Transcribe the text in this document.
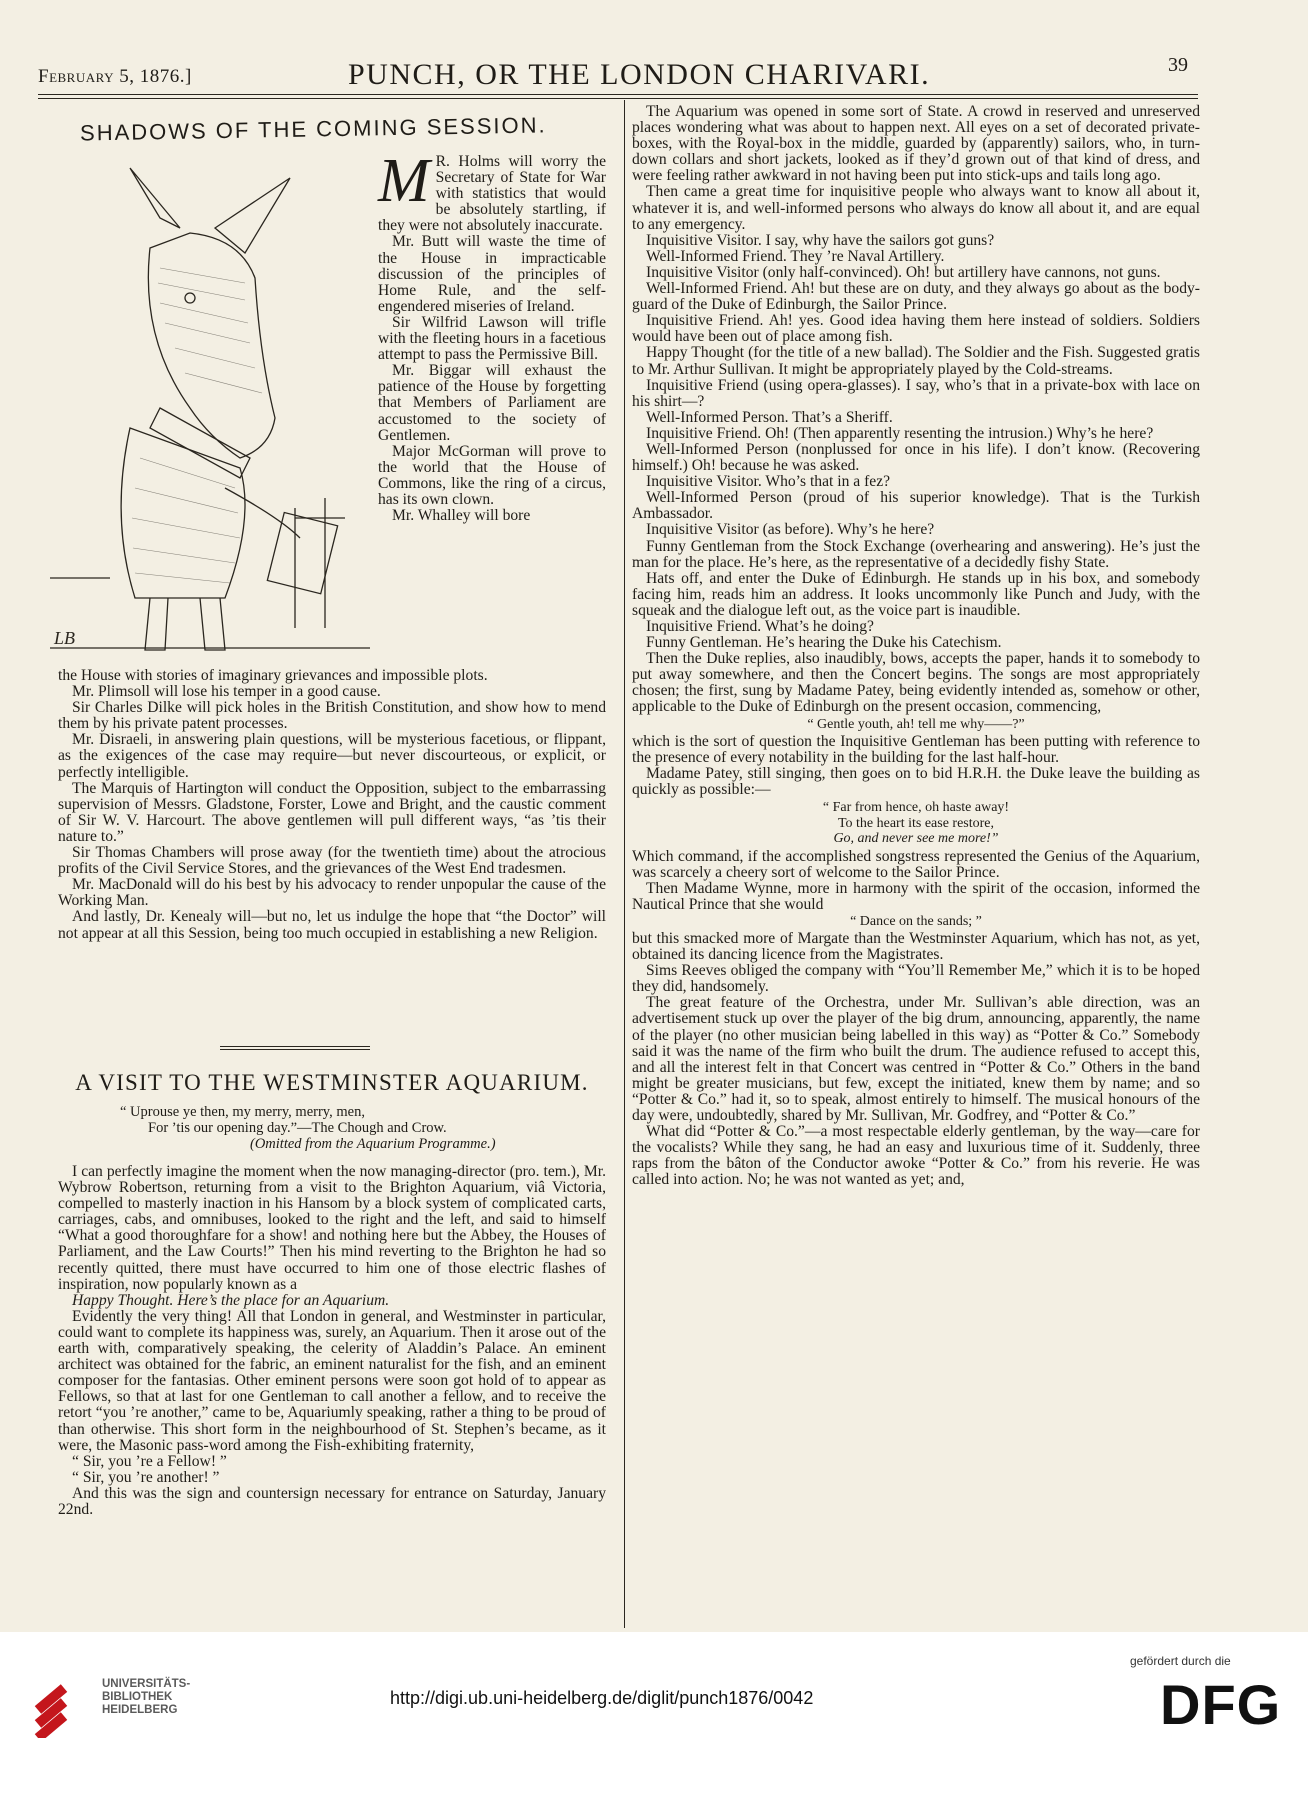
February 5, 1876.]	PUNCH, OR THE LONDON CHARIVARI.	39
SHADOWS OF THE COMING SESSION.
LB

M R. Holms will worry the Secretary of State for War with statistics that would be absolutely startling, if they were not absolutely inaccurate.

Mr. Butt will waste the time of the House in impracticable discussion of the principles of Home Rule, and the self-engendered miseries of Ireland.

Sir Wilfrid Lawson will trifle with the fleeting hours in a facetious attempt to pass the Permissive Bill.

Mr. Biggar will exhaust the patience of the House by forgetting that Members of Parliament are accustomed to the society of Gentlemen.

Major McGorman will prove to the world that the House of Commons, like the ring of a circus, has its own clown.

Mr. Whalley will bore

the House with stories of imaginary grievances and impossible plots.

Mr. Plimsoll will lose his temper in a good cause.

Sir Charles Dilke will pick holes in the British Constitution, and show how to mend them by his private patent processes.

Mr. Disraeli, in answering plain questions, will be mysterious facetious, or flippant, as the exigences of the case may require—but never discourteous, or explicit, or perfectly intelligible.

The Marquis of Hartington will conduct the Opposition, subject to the embarrassing supervision of Messrs. Gladstone, Forster, Lowe and Bright, and the caustic comment of Sir W. V. Harcourt. The above gentlemen will pull different ways, “as ’tis their nature to.”

Sir Thomas Chambers will prose away (for the twentieth time) about the atrocious profits of the Civil Service Stores, and the grievances of the West End tradesmen.

Mr. MacDonald will do his best by his advocacy to render unpopular the cause of the Working Man.

And lastly, Dr. Kenealy will—but no, let us indulge the hope that “the Doctor” will not appear at all this Session, being too much occupied in establishing a new Religion.

A VISIT TO THE WESTMINSTER AQUARIUM.
“ Uprouse ye then, my merry, merry, men,
For ’tis our opening day.”—The Chough and Crow.
(Omitted from the Aquarium Programme.)

I can perfectly imagine the moment when the now managing-director (pro. tem.), Mr. Wybrow Robertson, returning from a visit to the Brighton Aquarium, viâ Victoria, compelled to masterly inaction in his Hansom by a block system of complicated carts, carriages, cabs, and omnibuses, looked to the right and the left, and said to himself “What a good thoroughfare for a show! and nothing here but the Abbey, the Houses of Parliament, and the Law Courts!” Then his mind reverting to the Brighton he had so recently quitted, there must have occurred to him one of those electric flashes of inspiration, now popularly known as a

Happy Thought. Here’s the place for an Aquarium.

Evidently the very thing! All that London in general, and Westminster in particular, could want to complete its happiness was, surely, an Aquarium. Then it arose out of the earth with, comparatively speaking, the celerity of Aladdin’s Palace. An eminent architect was obtained for the fabric, an eminent naturalist for the fish, and an eminent composer for the fantasias. Other eminent persons were soon got hold of to appear as Fellows, so that at last for one Gentleman to call another a fellow, and to receive the retort “you ’re another,” came to be, Aquariumly speaking, rather a thing to be proud of than otherwise. This short form in the neighbourhood of St. Stephen’s became, as it were, the Masonic pass-word among the Fish-exhibiting fraternity,

“ Sir, you ’re a Fellow! ”

“ Sir, you ’re another! ”

And this was the sign and countersign necessary for entrance on Saturday, January 22nd.

The Aquarium was opened in some sort of State. A crowd in reserved and unreserved places wondering what was about to happen next. All eyes on a set of decorated private-boxes, with the Royal-box in the middle, guarded by (apparently) sailors, who, in turn-down collars and short jackets, looked as if they’d grown out of that kind of dress, and were feeling rather awkward in not having been put into stick-ups and tails long ago.

Then came a great time for inquisitive people who always want to know all about it, whatever it is, and well-informed persons who always do know all about it, and are equal to any emergency.

Inquisitive Visitor. I say, why have the sailors got guns?

Well-Informed Friend. They ’re Naval Artillery.

Inquisitive Visitor (only half-convinced). Oh! but artillery have cannons, not guns.

Well-Informed Friend. Ah! but these are on duty, and they always go about as the body-guard of the Duke of Edinburgh, the Sailor Prince.

Inquisitive Friend. Ah! yes. Good idea having them here instead of soldiers. Soldiers would have been out of place among fish.

Happy Thought (for the title of a new ballad). The Soldier and the Fish. Suggested gratis to Mr. Arthur Sullivan. It might be appropriately played by the Cold-streams.

Inquisitive Friend (using opera-glasses). I say, who’s that in a private-box with lace on his shirt—?

Well-Informed Person. That’s a Sheriff.

Inquisitive Friend. Oh! (Then apparently resenting the intrusion.) Why’s he here?

Well-Informed Person (nonplussed for once in his life). I don’t know. (Recovering himself.) Oh! because he was asked.

Inquisitive Visitor. Who’s that in a fez?

Well-Informed Person (proud of his superior knowledge). That is the Turkish Ambassador.

Inquisitive Visitor (as before). Why’s he here?

Funny Gentleman from the Stock Exchange (overhearing and answering). He’s just the man for the place. He’s here, as the representative of a decidedly fishy State.

Hats off, and enter the Duke of Edinburgh. He stands up in his box, and somebody facing him, reads him an address. It looks uncommonly like Punch and Judy, with the squeak and the dialogue left out, as the voice part is inaudible.

Inquisitive Friend. What’s he doing?

Funny Gentleman. He’s hearing the Duke his Catechism.

Then the Duke replies, also inaudibly, bows, accepts the paper, hands it to somebody to put away somewhere, and then the Concert begins. The songs are most appropriately chosen; the first, sung by Madame Patey, being evidently intended as, somehow or other, applicable to the Duke of Edinburgh on the present occasion, commencing,

“ Gentle youth, ah! tell me why——?”

which is the sort of question the Inquisitive Gentleman has been putting with reference to the presence of every notability in the building for the last half-hour.

Madame Patey, still singing, then goes on to bid H.R.H. the Duke leave the building as quickly as possible:—

“ Far from hence, oh haste away!
To the heart its ease restore,
Go, and never see me more!”

Which command, if the accomplished songstress represented the Genius of the Aquarium, was scarcely a cheery sort of welcome to the Sailor Prince.

Then Madame Wynne, more in harmony with the spirit of the occasion, informed the Nautical Prince that she would

“ Dance on the sands; ”

but this smacked more of Margate than the Westminster Aquarium, which has not, as yet, obtained its dancing licence from the Magistrates.

Sims Reeves obliged the company with “You’ll Remember Me,” which it is to be hoped they did, handsomely.

The great feature of the Orchestra, under Mr. Sullivan’s able direction, was an advertisement stuck up over the player of the big drum, announcing, apparently, the name of the player (no other musician being labelled in this way) as “Potter & Co.” Somebody said it was the name of the firm who built the drum. The audience refused to accept this, and all the interest felt in that Concert was centred in “Potter & Co.” Others in the band might be greater musicians, but few, except the initiated, knew them by name; and so “Potter & Co.” had it, so to speak, almost entirely to himself. The musical honours of the day were, undoubtedly, shared by Mr. Sullivan, Mr. Godfrey, and “Potter & Co.”

What did “Potter & Co.”—a most respectable elderly gentleman, by the way—care for the vocalists? While they sang, he had an easy and luxurious time of it. Suddenly, three raps from the bâton of the Conductor awoke “Potter & Co.” from his reverie. He was called into action. No; he was not wanted as yet; and,

UNIVERSITÄTS-
BIBLIOTHEK
HEIDELBERG
http://digi.ub.uni-heidelberg.de/diglit/punch1876/0042
gefördert durch die
DFG
